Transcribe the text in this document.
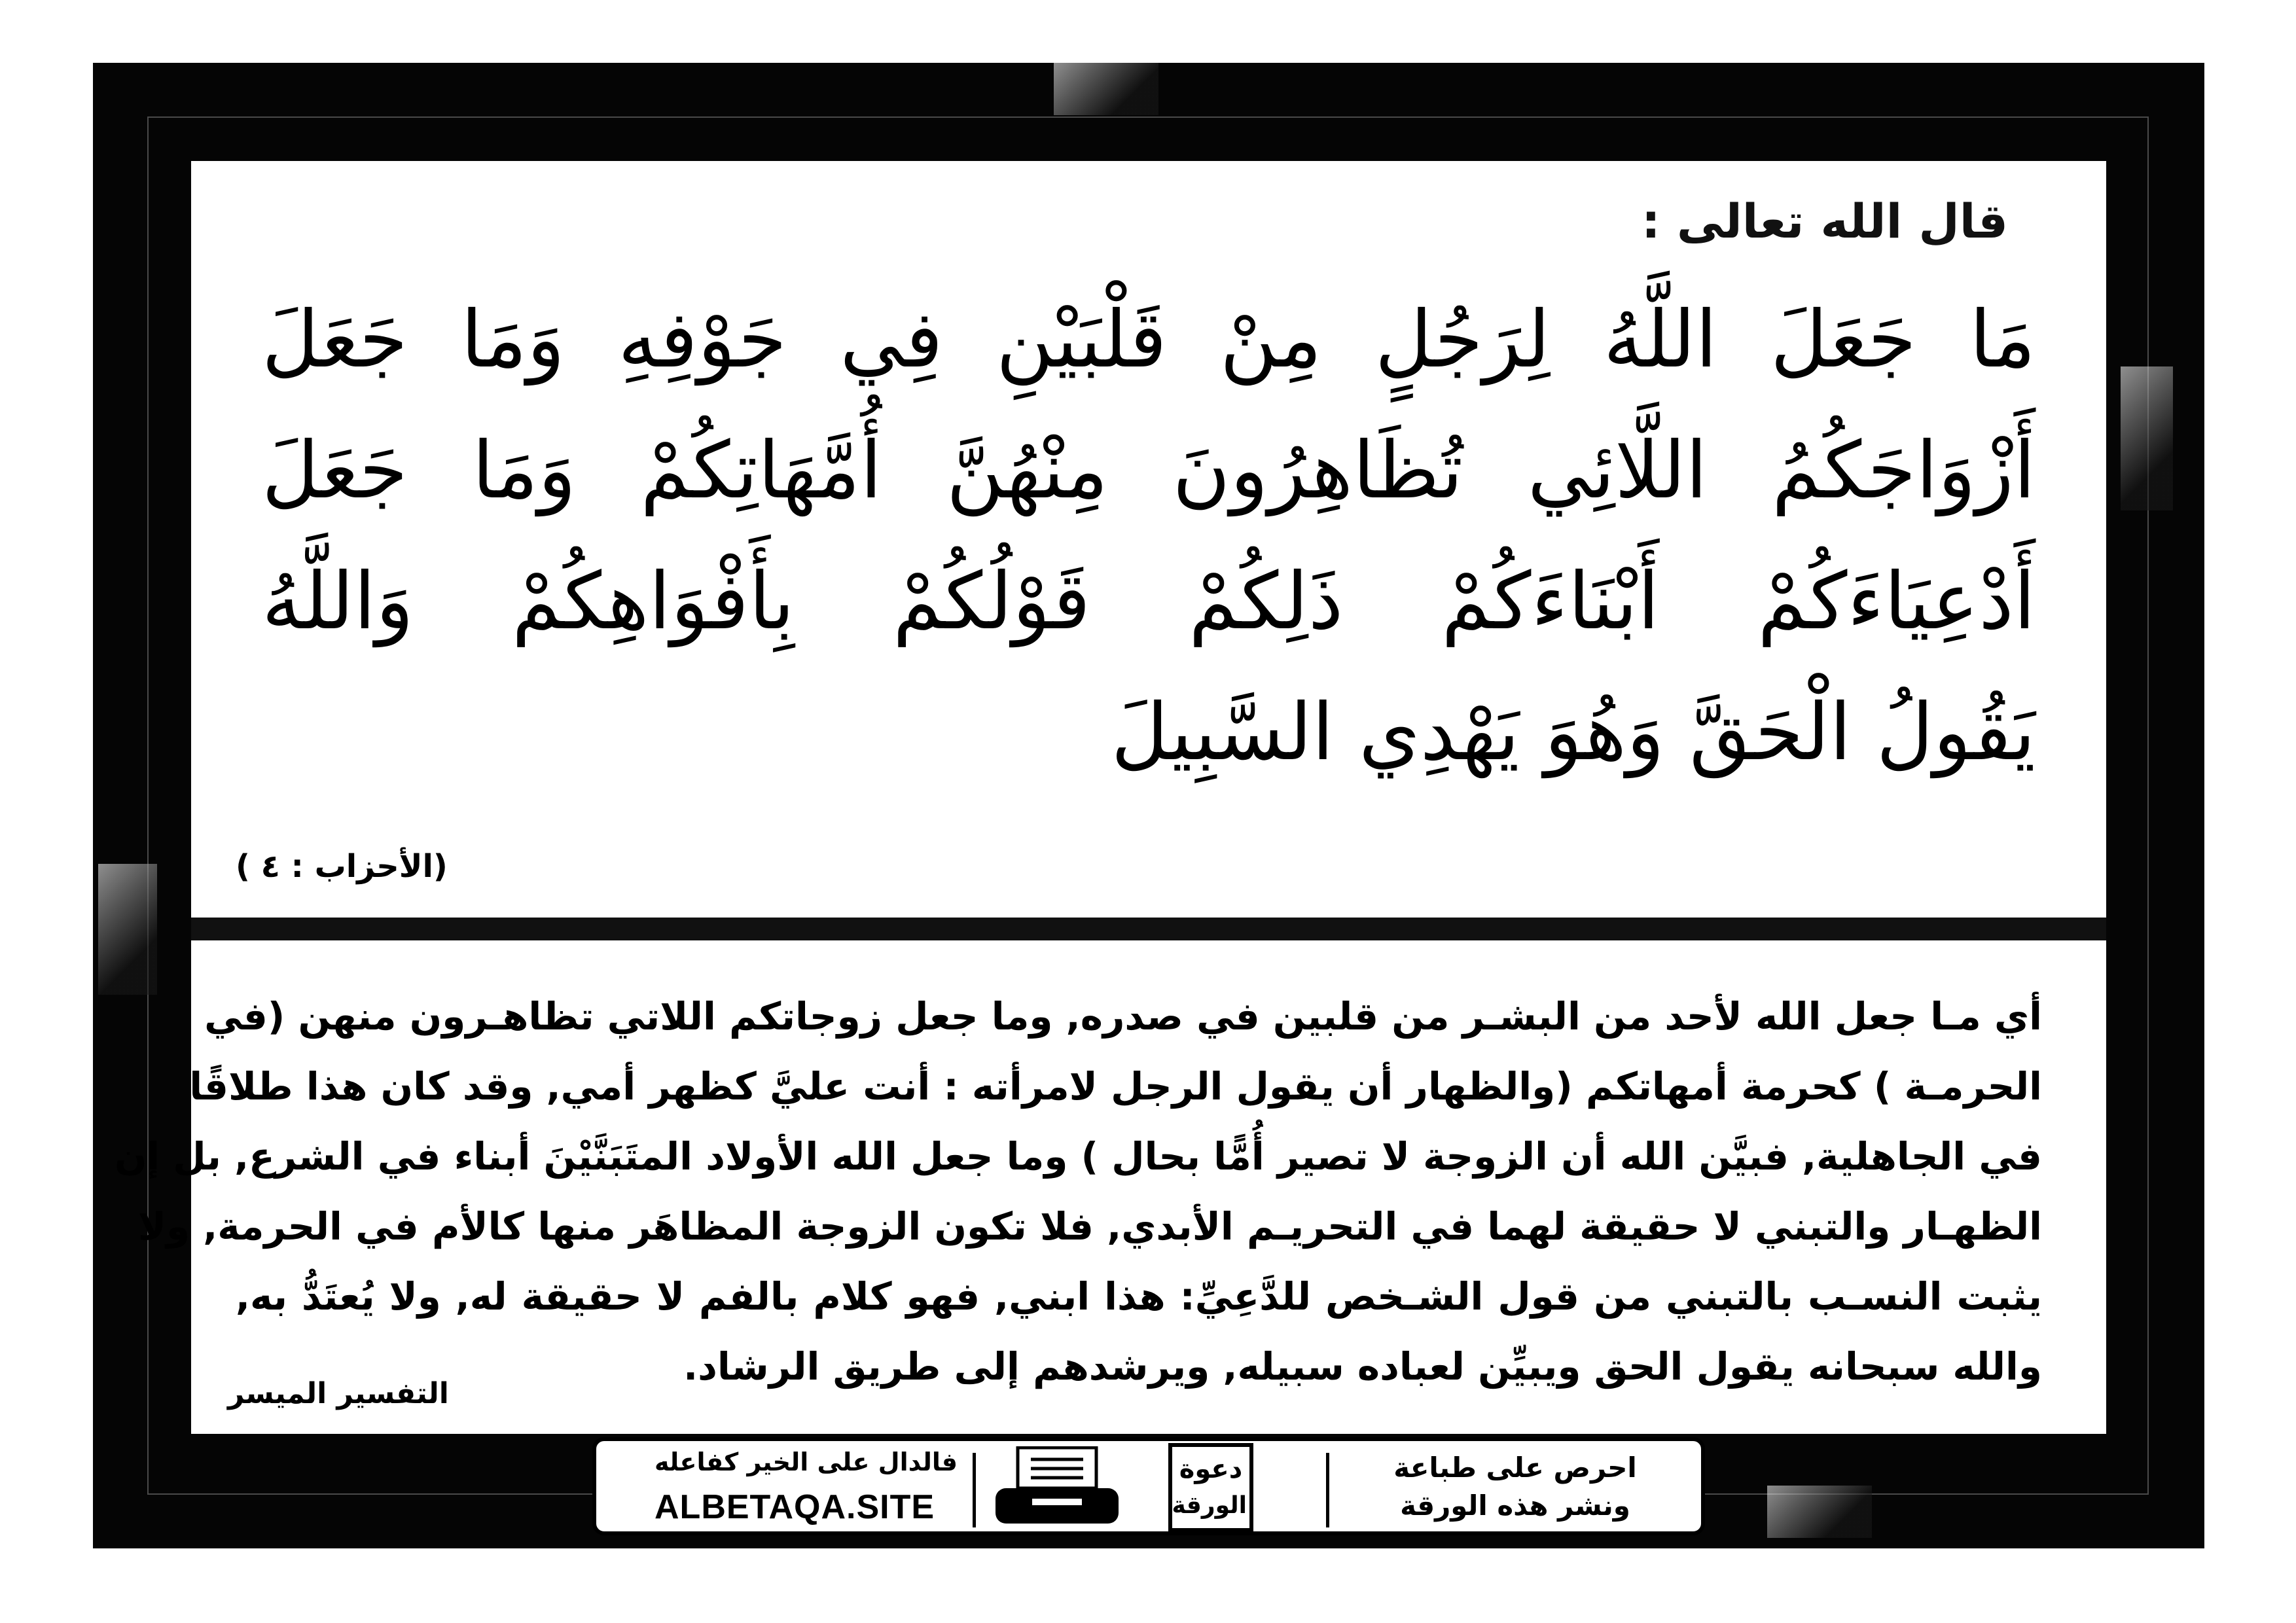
قال الله تعالى :
مَا جَعَلَ اللَّهُ لِرَجُلٍ مِنْ قَلْبَيْنِ فِي جَوْفِهِ وَمَا جَعَلَ
أَزْوَاجَكُمُ اللَّائِي تُظَاهِرُونَ مِنْهُنَّ أُمَّهَاتِكُمْ وَمَا جَعَلَ
أَدْعِيَاءَكُمْ أَبْنَاءَكُمْ ذَلِكُمْ قَوْلُكُمْ بِأَفْوَاهِكُمْ وَاللَّهُ
يَقُولُ الْحَقَّ وَهُوَ يَهْدِي السَّبِيلَ
(الأحزاب : ٤ )
أي مـا جعل الله لأحد من البشـر من قلبين في صدره, وما جعل زوجاتكم اللاتي تظاهـرون منهن (في
الحرمـة ) كحرمة أمهاتكم (والظهار أن يقول الرجل لامرأته : أنت عليَّ كظهر أمي, وقد كان هذا طلاقًا
في الجاهلية, فبيَّن الله أن الزوجة لا تصير أُمًّا بحال ) وما جعل الله الأولاد المتَبَنَّيْنَ أبناء في الشرع, بل إن
الظهـار والتبني لا حقيقة لهما في التحريـم الأبدي, فلا تكون الزوجة المظاهَر منها كالأم في الحرمة, ولا
يثبت النسـب بالتبني من قول الشـخص للدَّعِيِّ: هذا ابني, فهو كلام بالفم لا حقيقة له, ولا يُعتَدُّ به,
والله سبحانه يقول الحق ويبيِّن لعباده سبيله, ويرشدهم إلى طريق الرشاد.
التفسير الميسر
فالدال على الخير كفاعله
ALBETAQA.SITE
دعوة
الورقة
احرص على طباعة
ونشر هذه الورقة
